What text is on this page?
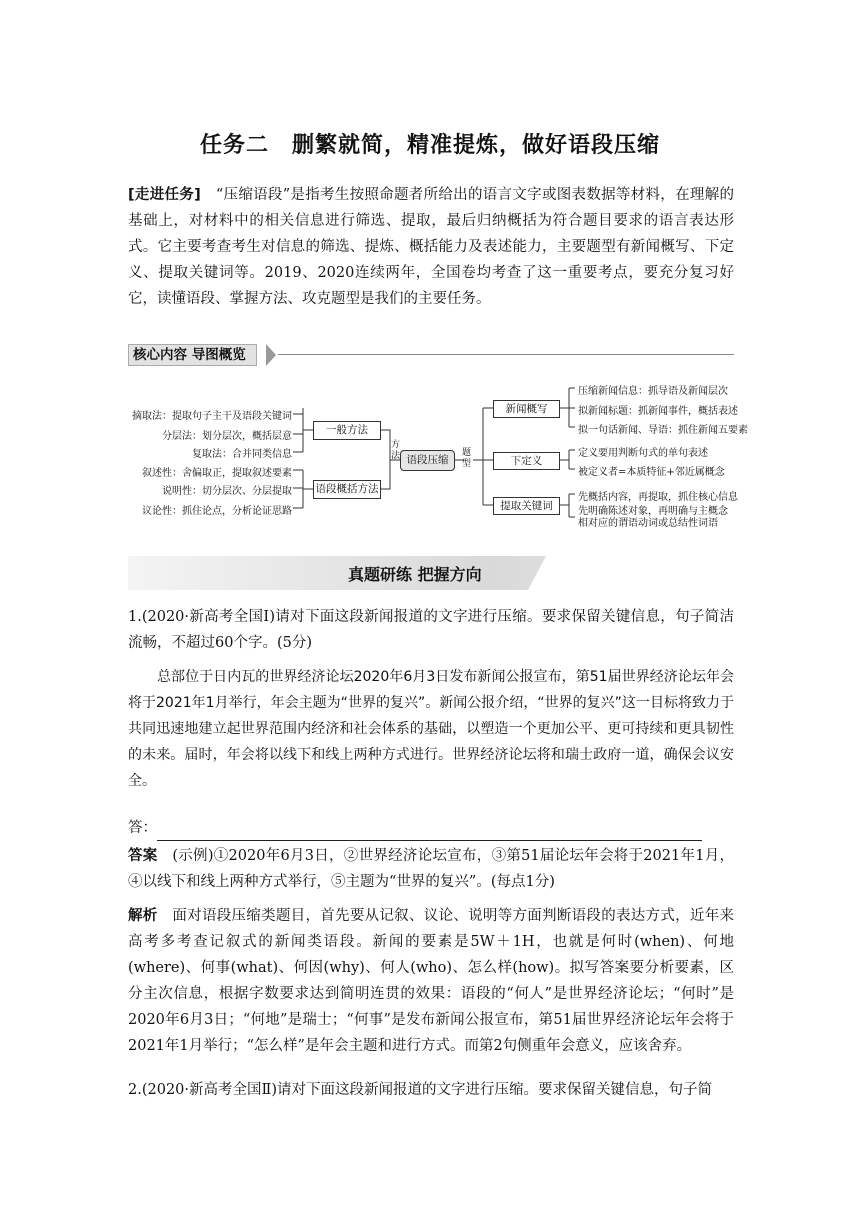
任务二　删繁就简，精准提炼，做好语段压缩
[走进任务]　“压缩语段”是指考生按照命题者所给出的语言文字或图表数据等材料，在理解的基础上，对材料中的相关信息进行筛选、提取，最后归纳概括为符合题目要求的语言表达形式。它主要考查考生对信息的筛选、提炼、概括能力及表述能力，主要题型有新闻概写、下定义、提取关键词等。2019、2020连续两年，全国卷均考查了这一重要考点，要充分复习好它，读懂语段、掌握方法、攻克题型是我们的主要任务。
核心内容 导图概览
摘取法：提取句子主干及语段关键词
分层法：划分层次，概括层意
复取法：合并同类信息
叙述性：舍偏取正，提取叙述要素
说明性：切分层次、分层提取
议论性：抓住论点，分析论证思路
一般方法
语段概括方法
方法 语段压缩
题型
新闻概写
下定义
提取关键词
压缩新闻信息：抓导语及新闻层次
拟新闻标题：抓新闻事件，概括表述
拟一句话新闻、导语：抓住新闻五要素
定义要用判断句式的单句表述
被定义者=本质特征+邻近属概念
先概括内容，再提取，抓住核心信息
先明确陈述对象，再明确与主概念相对应的谓语动词或总结性词语
真题研练 把握方向
1.(2020·新高考全国Ⅰ)请对下面这段新闻报道的文字进行压缩。要求保留关键信息，句子简洁流畅，不超过60个字。(5分)
总部位于日内瓦的世界经济论坛2020年6月3日发布新闻公报宣布，第51届世界经济论坛年会将于2021年1月举行，年会主题为“世界的复兴”。新闻公报介绍，“世界的复兴”这一目标将致力于共同迅速地建立起世界范围内经济和社会体系的基础，以塑造一个更加公平、更可持续和更具韧性的未来。届时，年会将以线下和线上两种方式进行。世界经济论坛将和瑞士政府一道，确保会议安全。
答：
答案　(示例)①2020年6月3日，②世界经济论坛宣布，③第51届论坛年会将于2021年1月，④以线下和线上两种方式举行，⑤主题为“世界的复兴”。(每点1分)
解析　面对语段压缩类题目，首先要从记叙、议论、说明等方面判断语段的表达方式，近年来高考多考查记叙式的新闻类语段。新闻的要素是5W＋1H，也就是何时(when)、何地(where)、何事(what)、何因(why)、何人(who)、怎么样(how)。拟写答案要分析要素，区分主次信息，根据字数要求达到简明连贯的效果：语段的“何人”是世界经济论坛；“何时”是2020年6月3日；“何地”是瑞士；“何事”是发布新闻公报宣布，第51届世界经济论坛年会将于2021年1月举行；“怎么样”是年会主题和进行方式。而第2句侧重年会意义，应该舍弃。
2.(2020·新高考全国Ⅱ)请对下面这段新闻报道的文字进行压缩。要求保留关键信息，句子简
